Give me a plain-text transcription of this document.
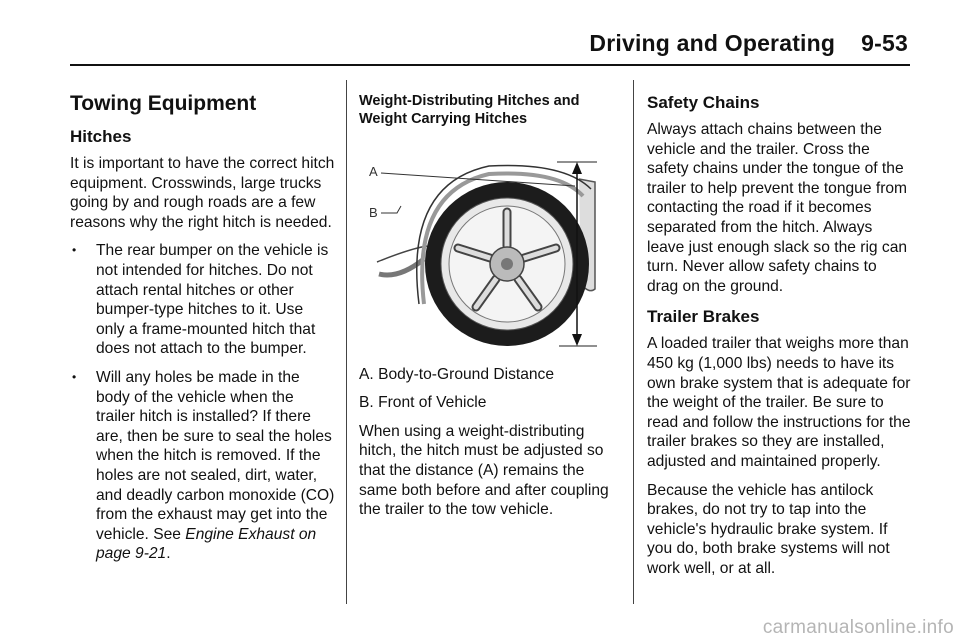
Driving and Operating 9-53
Towing Equipment
Hitches

It is important to have the correct hitch equipment. Crosswinds, large trucks going by and rough roads are a few reasons why the right hitch is needed.

• The rear bumper on the vehicle is not intended for hitches. Do not attach rental hitches or other bumper-type hitches to it. Use only a frame-mounted hitch that does not attach to the bumper.
• Will any holes be made in the body of the vehicle when the trailer hitch is installed? If there are, then be sure to seal the holes when the hitch is removed. If the holes are not sealed, dirt, water, and deadly carbon monoxide (CO) from the exhaust may get into the vehicle. See Engine Exhaust on page 9-21.
Weight-Distributing Hitches and Weight Carrying Hitches
A
B

A. Body-to-Ground Distance

B. Front of Vehicle

When using a weight-distributing hitch, the hitch must be adjusted so that the distance (A) remains the same both before and after coupling the trailer to the tow vehicle.

Safety Chains

Always attach chains between the vehicle and the trailer. Cross the safety chains under the tongue of the trailer to help prevent the tongue from contacting the road if it becomes separated from the hitch. Always leave just enough slack so the rig can turn. Never allow safety chains to drag on the ground.

Trailer Brakes

A loaded trailer that weighs more than 450 kg (1,000 lbs) needs to have its own brake system that is adequate for the weight of the trailer. Be sure to read and follow the instructions for the trailer brakes so they are installed, adjusted and maintained properly.

Because the vehicle has antilock brakes, do not try to tap into the vehicle's hydraulic brake system. If you do, both brake systems will not work well, or at all.

carmanualsonline.info
